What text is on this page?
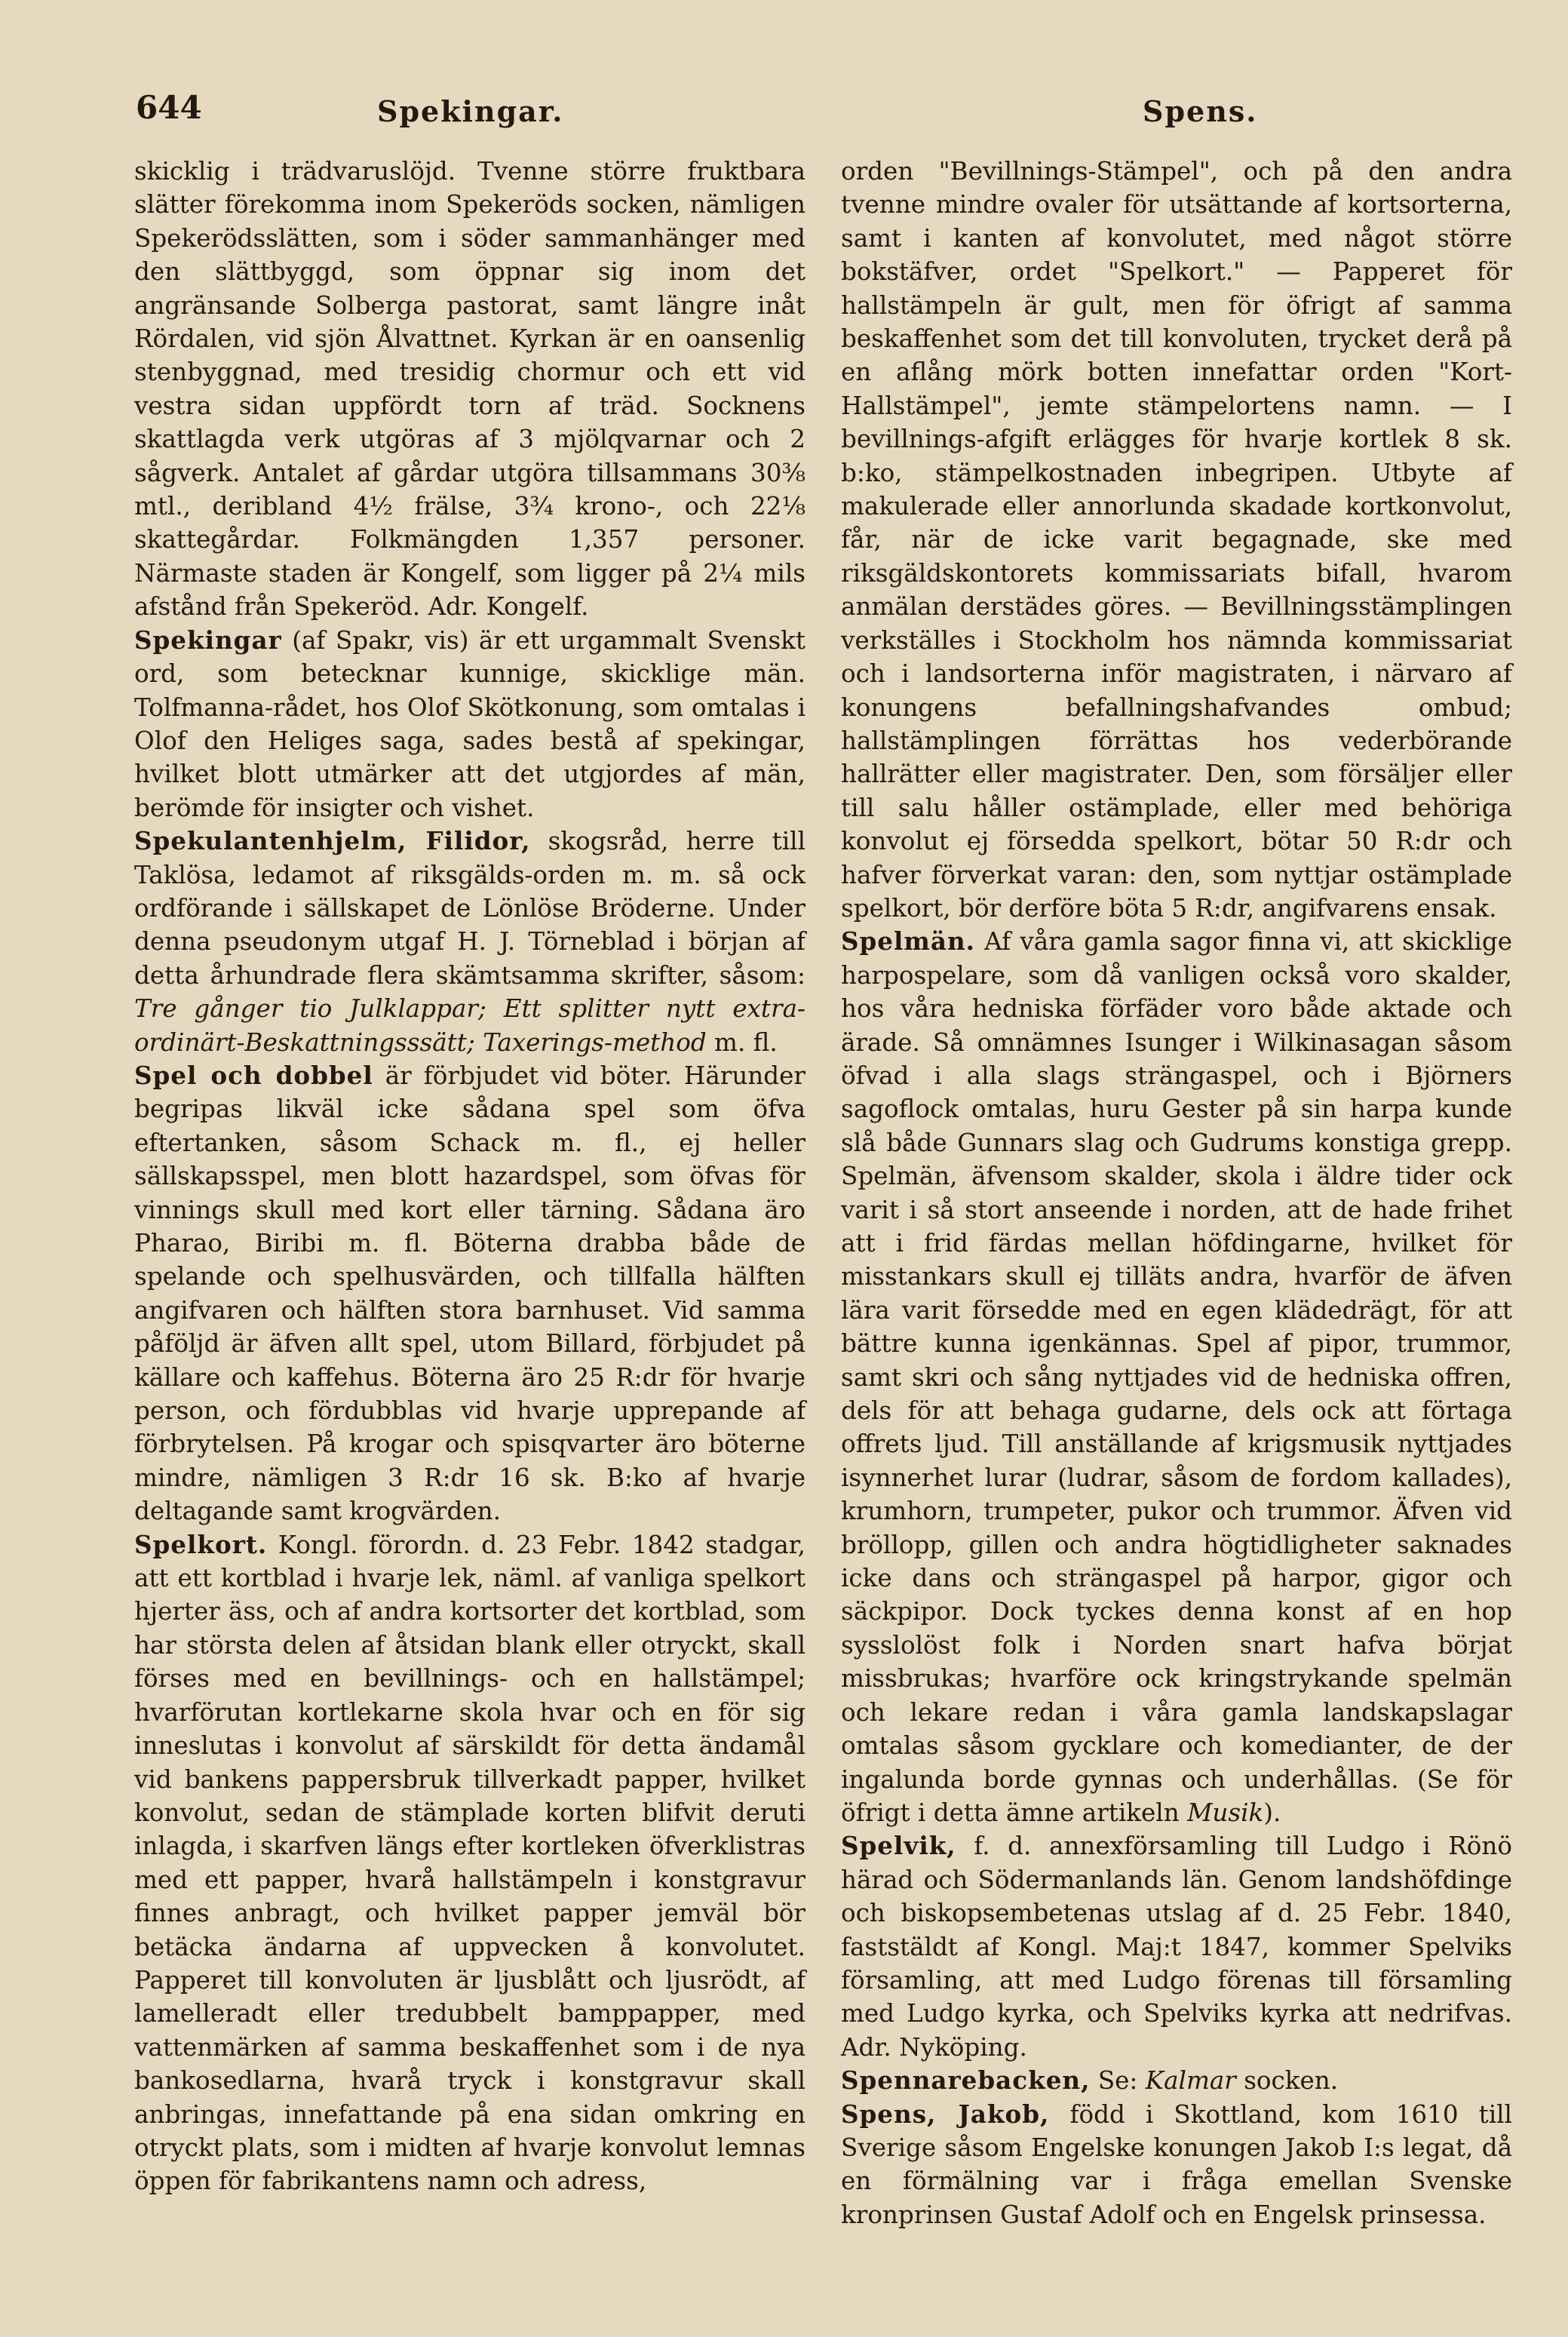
644	Spekingar.	Spens.

skicklig i trädvaruslöjd. Tvenne större fruktbara slätter förekomma inom Spekeröds socken, nämligen Spekerödsslätten, som i söder sammanhänger med den slättbyggd, som öppnar sig inom det angränsande Solberga pastorat, samt längre inåt Rördalen, vid sjön Ålvattnet. Kyrkan är en oansenlig stenbyggnad, med tresidig chormur och ett vid vestra sidan uppfördt torn af träd. Socknens skattlagda verk utgöras af 3 mjölqvarnar och 2 sågverk. Antalet af gårdar utgöra tillsammans 30⅜ mtl., deribland 4½ frälse, 3¾ krono-, och 22⅛ skattegårdar. Folkmängden 1,357 personer. Närmaste staden är Kongelf, som ligger på 2¼ mils afstånd från Spekeröd. Adr. Kongelf.

Spekingar (af Spakr, vis) är ett urgammalt Svenskt ord, som betecknar kunnige, skicklige män. Tolfmanna-rådet, hos Olof Skötkonung, som omtalas i Olof den Heliges saga, sades bestå af spekingar, hvilket blott utmärker att det utgjordes af män, berömde för insigter och vishet.

Spekulantenhjelm, Filidor, skogsråd, herre till Taklösa, ledamot af riksgälds-orden m. m. så ock ordförande i sällskapet de Lönlöse Bröderne. Under denna pseudonym utgaf H. J. Törneblad i början af detta århundrade flera skämtsamma skrifter, såsom: Tre gånger tio Julklappar; Ett splitter nytt extra-ordinärt-Beskattningsssätt; Taxerings-method m. fl.

Spel och dobbel är förbjudet vid böter. Härunder begripas likväl icke sådana spel som öfva eftertanken, såsom Schack m. fl., ej heller sällskapsspel, men blott hazardspel, som öfvas för vinnings skull med kort eller tärning. Sådana äro Pharao, Biribi m. fl. Böterna drabba både de spelande och spelhusvärden, och tillfalla hälften angifvaren och hälften stora barnhuset. Vid samma påföljd är äfven allt spel, utom Billard, förbjudet på källare och kaffehus. Böterna äro 25 R:dr för hvarje person, och fördubblas vid hvarje upprepande af förbrytelsen. På krogar och spisqvarter äro böterne mindre, nämligen 3 R:dr 16 sk. B:ko af hvarje deltagande samt krogvärden.

Spelkort. Kongl. förordn. d. 23 Febr. 1842 stadgar, att ett kortblad i hvarje lek, näml. af vanliga spelkort hjerter äss, och af andra kortsorter det kortblad, som har största delen af åtsidan blank eller otryckt, skall förses med en bevillnings- och en hallstämpel; hvarförutan kortlekarne skola hvar och en för sig inneslutas i konvolut af särskildt för detta ändamål vid bankens pappersbruk tillverkadt papper, hvilket konvolut, sedan de stämplade korten blifvit deruti inlagda, i skarfven längs efter kortleken öfverklistras med ett papper, hvarå hallstämpeln i konstgravur finnes anbragt, och hvilket papper jemväl bör betäcka ändarna af uppvecken å konvolutet. Papperet till konvoluten är ljusblått och ljusrödt, af lamelleradt eller tredubbelt bamppapper, med vattenmärken af samma beskaffenhet som i de nya bankosedlarna, hvarå tryck i konstgravur skall anbringas, innefattande på ena sidan omkring en otryckt plats, som i midten af hvarje konvolut lemnas öppen för fabrikantens namn och adress,

orden "Bevillnings-Stämpel", och på den andra tvenne mindre ovaler för utsättande af kortsorterna, samt i kanten af konvolutet, med något större bokstäfver, ordet "Spelkort." — Papperet för hallstämpeln är gult, men för öfrigt af samma beskaffenhet som det till konvoluten, trycket derå på en aflång mörk botten innefattar orden "Kort-Hallstämpel", jemte stämpelortens namn. — I bevillnings-afgift erlägges för hvarje kortlek 8 sk. b:ko, stämpelkostnaden inbegripen. Utbyte af makulerade eller annorlunda skadade kortkonvolut, får, när de icke varit begagnade, ske med riksgäldskontorets kommissariats bifall, hvarom anmälan derstädes göres. — Bevillningsstämplingen verkställes i Stockholm hos nämnda kommissariat och i landsorterna inför magistraten, i närvaro af konungens befallningshafvandes ombud; hallstämplingen förrättas hos vederbörande hallrätter eller magistrater. Den, som försäljer eller till salu håller ostämplade, eller med behöriga konvolut ej försedda spelkort, bötar 50 R:dr och hafver förverkat varan: den, som nyttjar ostämplade spelkort, bör derföre böta 5 R:dr, angifvarens ensak.

Spelmän. Af våra gamla sagor finna vi, att skicklige harpospelare, som då vanligen också voro skalder, hos våra hedniska förfäder voro både aktade och ärade. Så omnämnes Isunger i Wilkinasagan såsom öfvad i alla slags strängaspel, och i Björners sagoflock omtalas, huru Gester på sin harpa kunde slå både Gunnars slag och Gudrums konstiga grepp. Spelmän, äfvensom skalder, skola i äldre tider ock varit i så stort anseende i norden, att de hade frihet att i frid färdas mellan höfdingarne, hvilket för misstankars skull ej tilläts andra, hvarför de äfven lära varit försedde med en egen klädedrägt, för att bättre kunna igenkännas. Spel af pipor, trummor, samt skri och sång nyttjades vid de hedniska offren, dels för att behaga gudarne, dels ock att förtaga offrets ljud. Till anställande af krigsmusik nyttjades isynnerhet lurar (ludrar, såsom de fordom kallades), krumhorn, trumpeter, pukor och trummor. Äfven vid bröllopp, gillen och andra högtidligheter saknades icke dans och strängaspel på harpor, gigor och säckpipor. Dock tyckes denna konst af en hop sysslolöst folk i Norden snart hafva börjat missbrukas; hvarföre ock kringstrykande spelmän och lekare redan i våra gamla landskapslagar omtalas såsom gycklare och komedianter, de der ingalunda borde gynnas och underhållas. (Se för öfrigt i detta ämne artikeln Musik).

Spelvik, f. d. annexförsamling till Ludgo i Rönö härad och Södermanlands län. Genom landshöfdinge och biskopsembetenas utslag af d. 25 Febr. 1840, faststäldt af Kongl. Maj:t 1847, kommer Spelviks församling, att med Ludgo förenas till församling med Ludgo kyrka, och Spelviks kyrka att nedrifvas. Adr. Nyköping.

Spennarebacken, Se: Kalmar socken.

Spens, Jakob, född i Skottland, kom 1610 till Sverige såsom Engelske konungen Jakob I:s legat, då en förmälning var i fråga emellan Svenske kronprinsen Gustaf Adolf och en Engelsk prinsessa.
